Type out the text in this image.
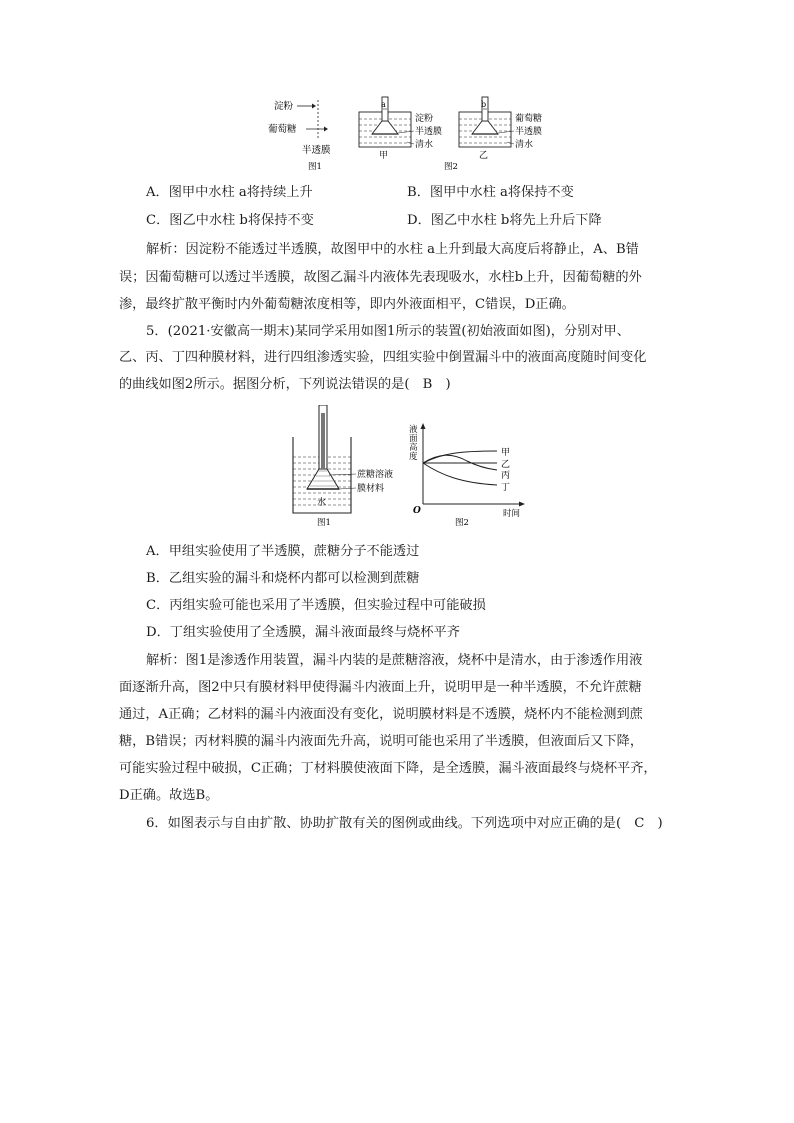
淀粉
葡萄糖
半透膜
图1
a
淀粉
半透膜
清水
甲
b
葡萄糖
半透膜
清水
乙
图2
A．图甲中水柱 a将持续上升	B．图甲中水柱 a将保持不变
C．图乙中水柱 b将保持不变	D．图乙中水柱 b将先上升后下降
解析：因淀粉不能透过半透膜，故图甲中的水柱 a上升到最大高度后将静止，A、B错
误；因葡萄糖可以透过半透膜，故图乙漏斗内液体先表现吸水，水柱b上升，因葡萄糖的外
渗，最终扩散平衡时内外葡萄糖浓度相等，即内外液面相平，C错误，D正确。
5．(2021·安徽高一期末)某同学采用如图1所示的装置(初始液面如图)，分别对甲、
乙、丙、丁四种膜材料，进行四组渗透实验，四组实验中倒置漏斗中的液面高度随时间变化
的曲线如图2所示。据图分析，下列说法错误的是(　B　)
蔗糖溶液
膜材料
水
图1
液
面
高
度
O	时间
甲
乙
丙
丁
图2
A．甲组实验使用了半透膜，蔗糖分子不能透过
B．乙组实验的漏斗和烧杯内都可以检测到蔗糖
C．丙组实验可能也采用了半透膜，但实验过程中可能破损
D．丁组实验使用了全透膜，漏斗液面最终与烧杯平齐
解析：图1是渗透作用装置，漏斗内装的是蔗糖溶液，烧杯中是清水，由于渗透作用液
面逐渐升高，图2中只有膜材料甲使得漏斗内液面上升，说明甲是一种半透膜，不允许蔗糖
通过，A正确；乙材料的漏斗内液面没有变化，说明膜材料是不透膜，烧杯内不能检测到蔗
糖，B错误；丙材料膜的漏斗内液面先升高，说明可能也采用了半透膜，但液面后又下降，
可能实验过程中破损，C正确；丁材料膜使液面下降，是全透膜，漏斗液面最终与烧杯平齐，
D正确。故选B。
6．如图表示与自由扩散、协助扩散有关的图例或曲线。下列选项中对应正确的是(　C　)
